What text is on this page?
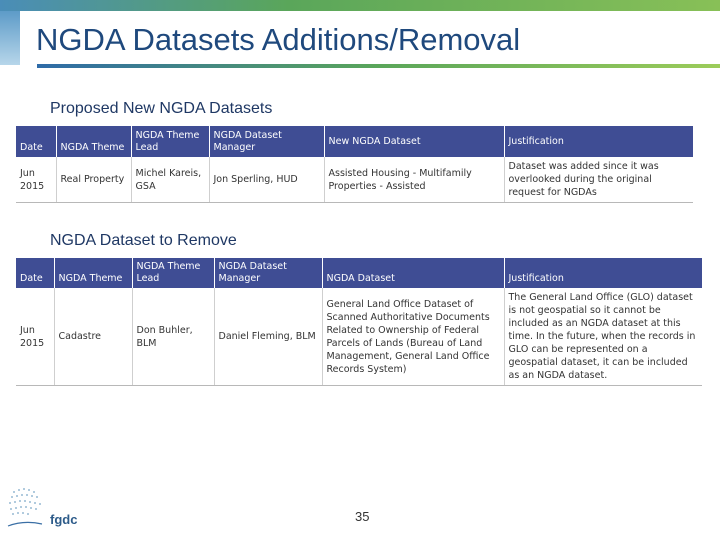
NGDA Datasets Additions/Removal
Proposed New NGDA Datasets
Date	NGDA Theme	NGDA Theme Lead	NGDA Dataset Manager	New NGDA Dataset	Justification
Jun 2015	Real Property	Michel Kareis, GSA	Jon Sperling, HUD	Assisted Housing - Multifamily Properties - Assisted	Dataset was added since it was overlooked during the original request for NGDAs
NGDA Dataset to Remove
Date	NGDA Theme	NGDA Theme Lead	NGDA Dataset Manager	NGDA Dataset	Justification
Jun 2015	Cadastre	Don Buhler, BLM	Daniel Fleming, BLM	General Land Office Dataset of Scanned Authoritative Documents Related to Ownership of Federal Parcels of Lands (Bureau of Land Management, General Land Office Records System)	The General Land Office (GLO) dataset is not geospatial so it cannot be included as an NGDA dataset at this time. In the future, when the records in GLO can be represented on a geospatial dataset, it can be included as an NGDA dataset.
fgdc	35
